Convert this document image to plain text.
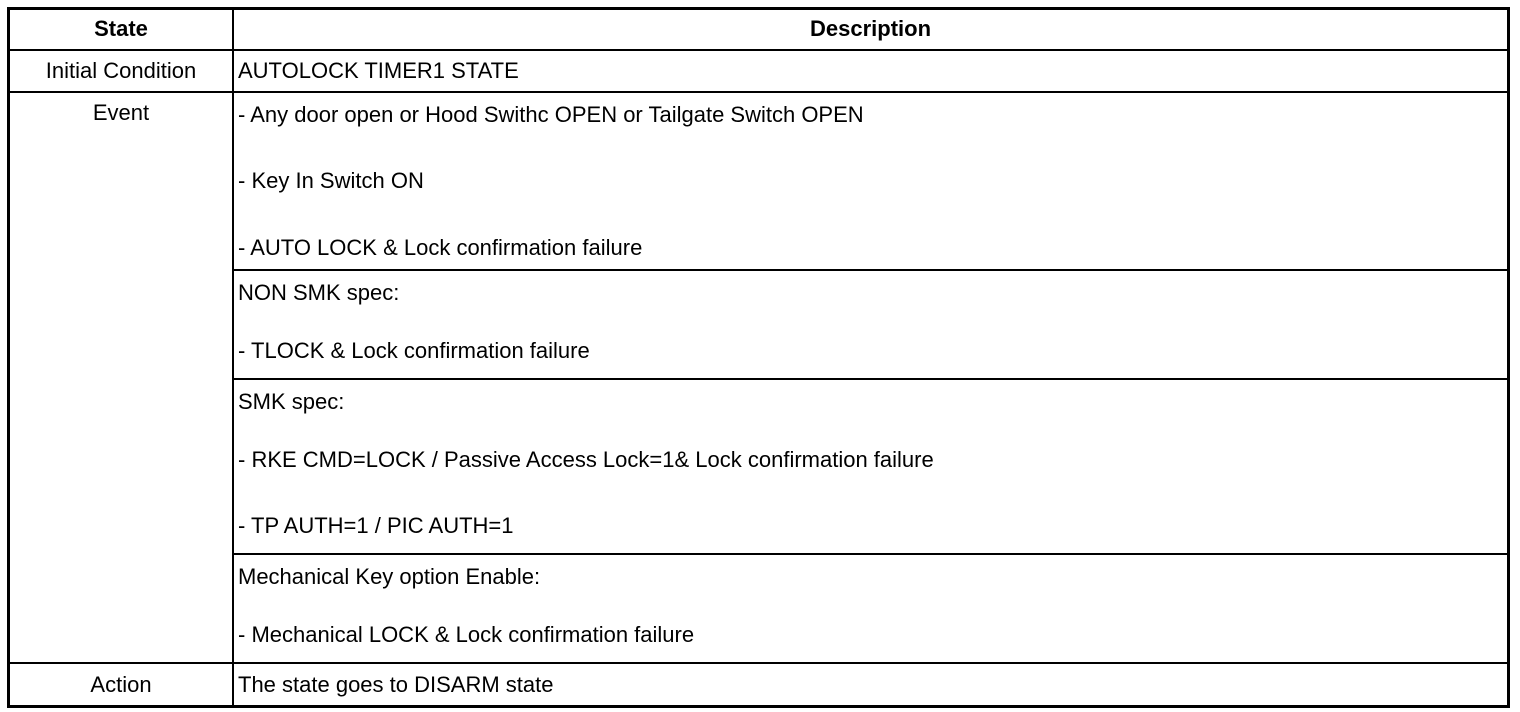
State	Description
Initial Condition	AUTOLOCK TIMER1 STATE
Event	- Any door open or Hood Swithc OPEN or Tailgate Switch OPEN
- Key In Switch ON
- AUTO LOCK & Lock confirmation failure
NON SMK spec:
- TLOCK & Lock confirmation failure
SMK spec:
- RKE CMD=LOCK / Passive Access Lock=1& Lock confirmation failure
- TP AUTH=1 / PIC AUTH=1
Mechanical Key option Enable:
- Mechanical LOCK & Lock confirmation failure
Action	The state goes to DISARM state
